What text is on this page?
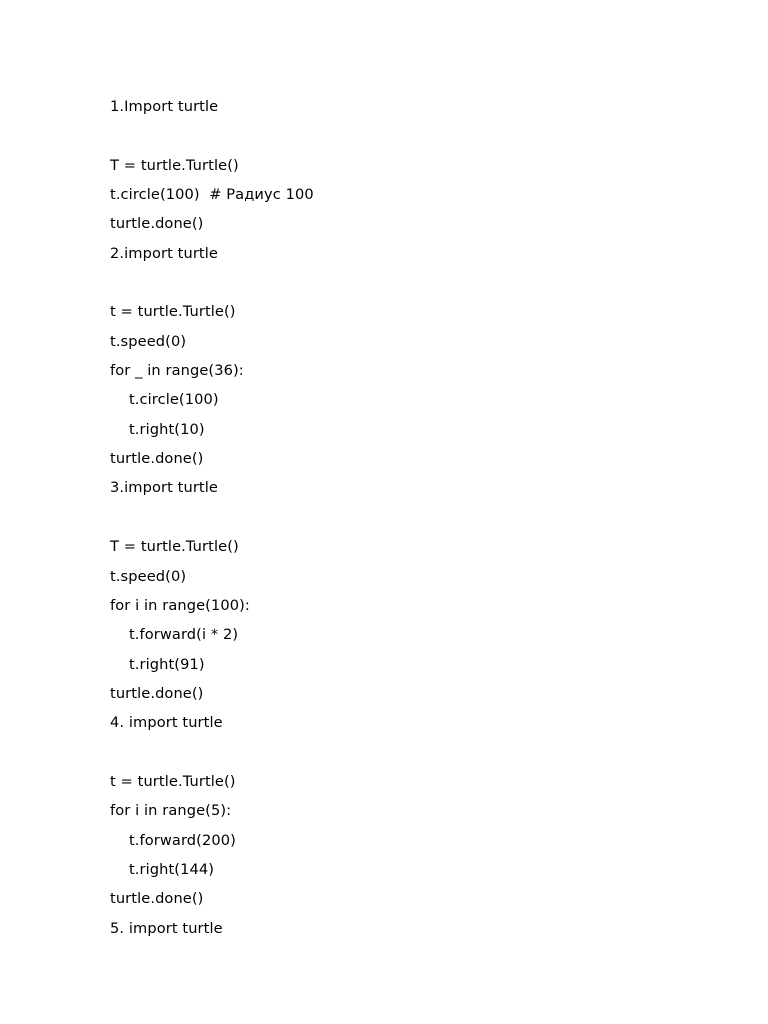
1.Import turtle
T = turtle.Turtle()
t.circle(100)  # Радиус 100
turtle.done()
2.import turtle
t = turtle.Turtle()
t.speed(0)
for _ in range(36):
t.circle(100)
t.right(10)
turtle.done()
3.import turtle
T = turtle.Turtle()
t.speed(0)
for i in range(100):
t.forward(i * 2)
t.right(91)
turtle.done()
4. import turtle
t = turtle.Turtle()
for i in range(5):
t.forward(200)
t.right(144)
turtle.done()
5. import turtle
